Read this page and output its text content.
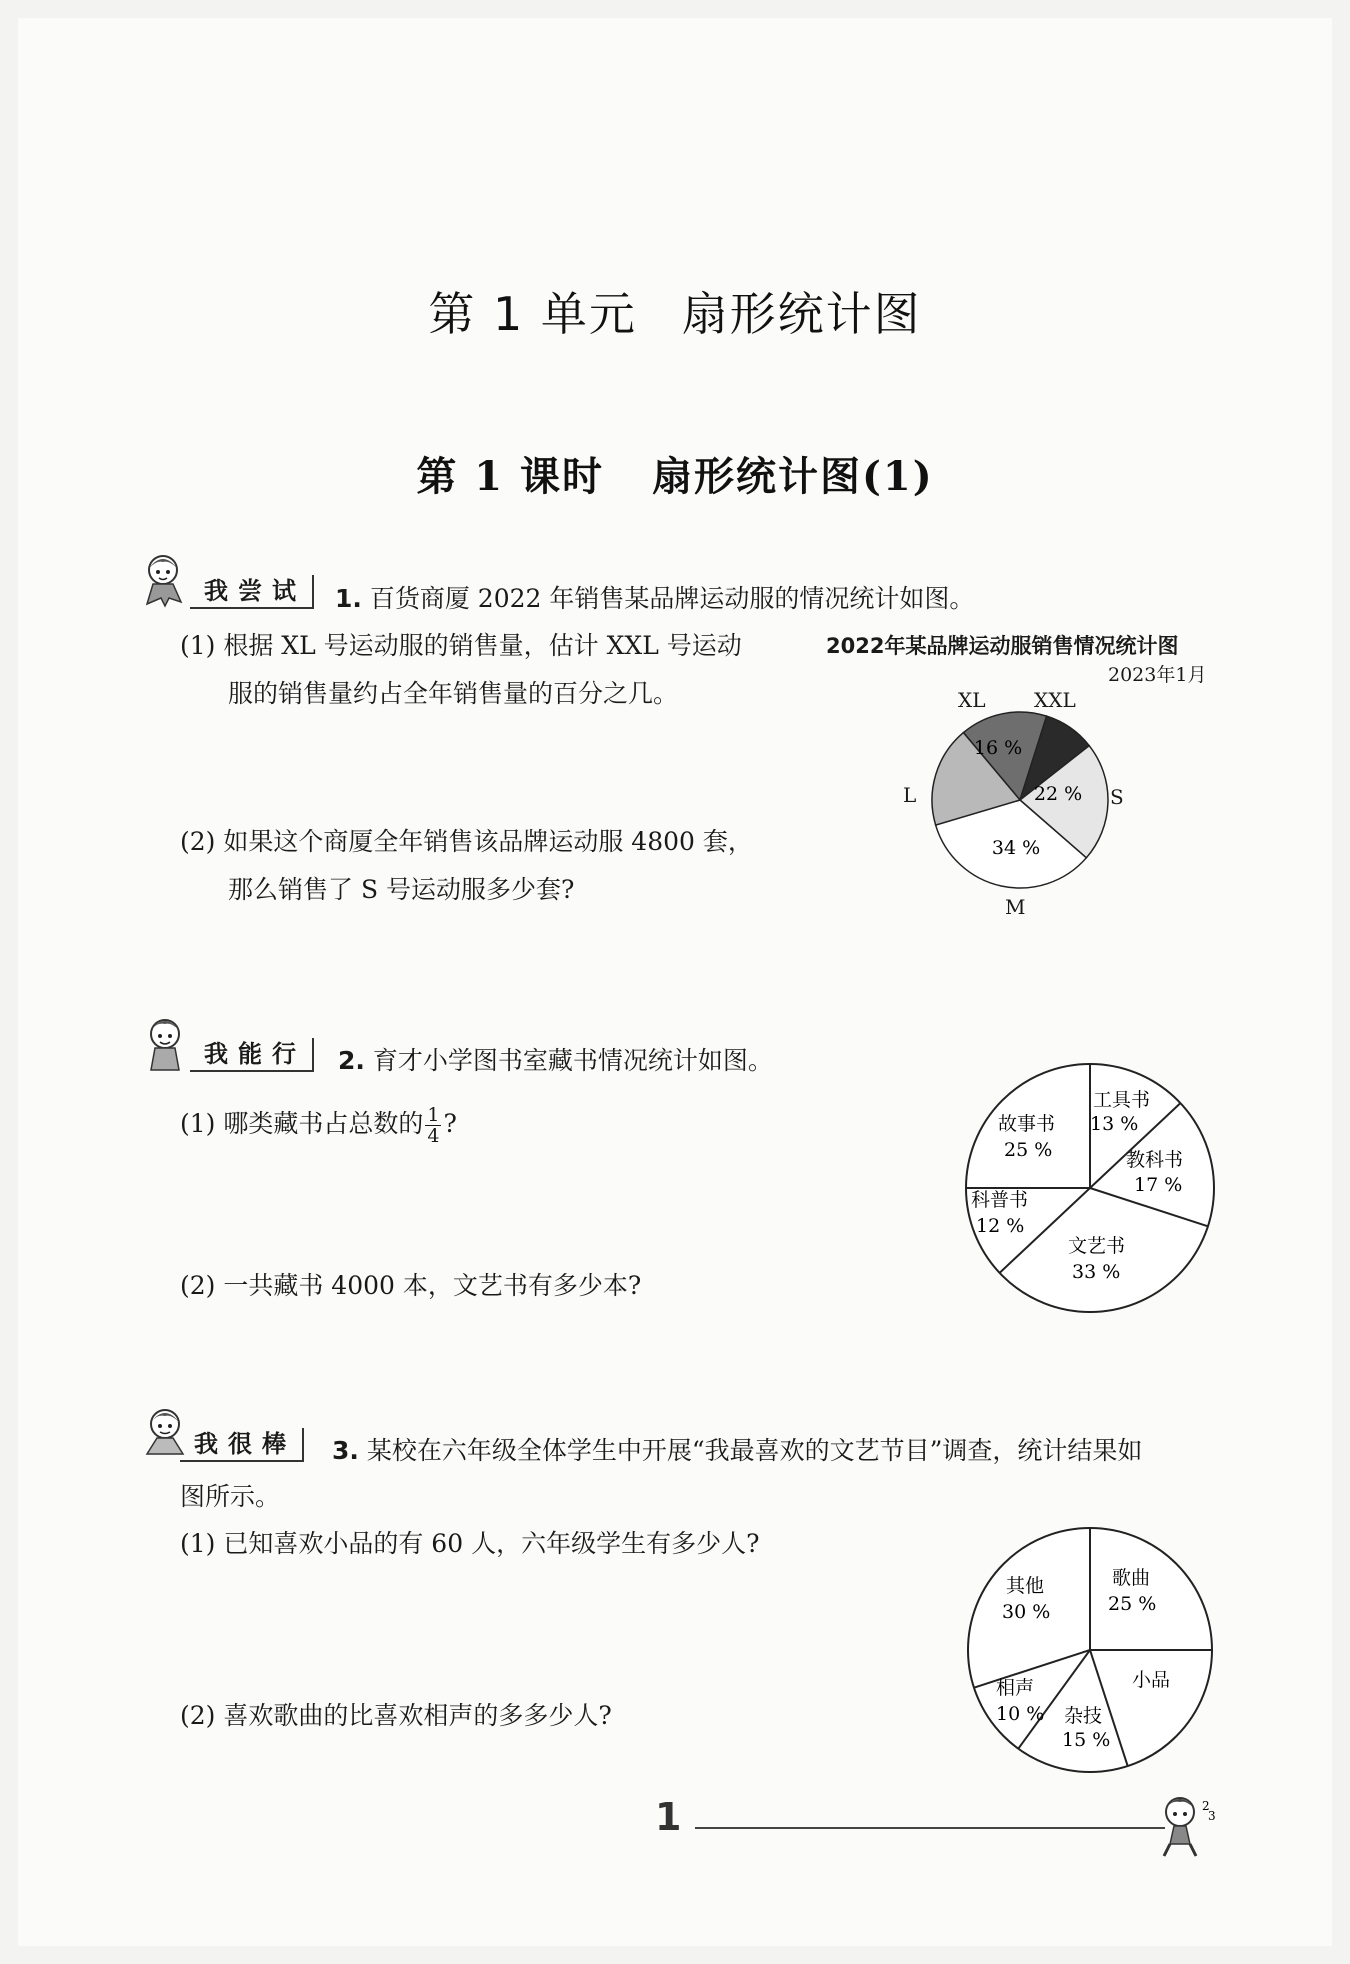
第 1 单元 扇形统计图
第 1 课时 扇形统计图(1)
我尝试	1. 百货商厦 2022 年销售某品牌运动服的情况统计如图。
(1) 根据 XL 号运动服的销售量，估计 XXL 号运动
服的销售量约占全年销售量的百分之几。
(2) 如果这个商厦全年销售该品牌运动服 4800 套，
那么销售了 S 号运动服多少套?
2022年某品牌运动服销售情况统计图
2023年1月
16 %
22 %
34 %
XL XXL
S
M
L
我能行	2. 育才小学图书室藏书情况统计如图。
(1) 哪类藏书占总数的 $\frac{1}{4}$ ?
(2) 一共藏书 4000 本，文艺书有多少本?
工具书
13 %
教科书
17 %
文艺书
33 %
科普书
12 %
故事书
25 %
我很棒	3. 某校在六年级全体学生中开展“我最喜欢的文艺节目”调查，统计结果如
图所示。
(1) 已知喜欢小品的有 60 人，六年级学生有多少人?
(2) 喜欢歌曲的比喜欢相声的多多少人?
歌曲
25 %
小品
杂技
15 %
相声
10 %
其他
30 %
1	2
3
